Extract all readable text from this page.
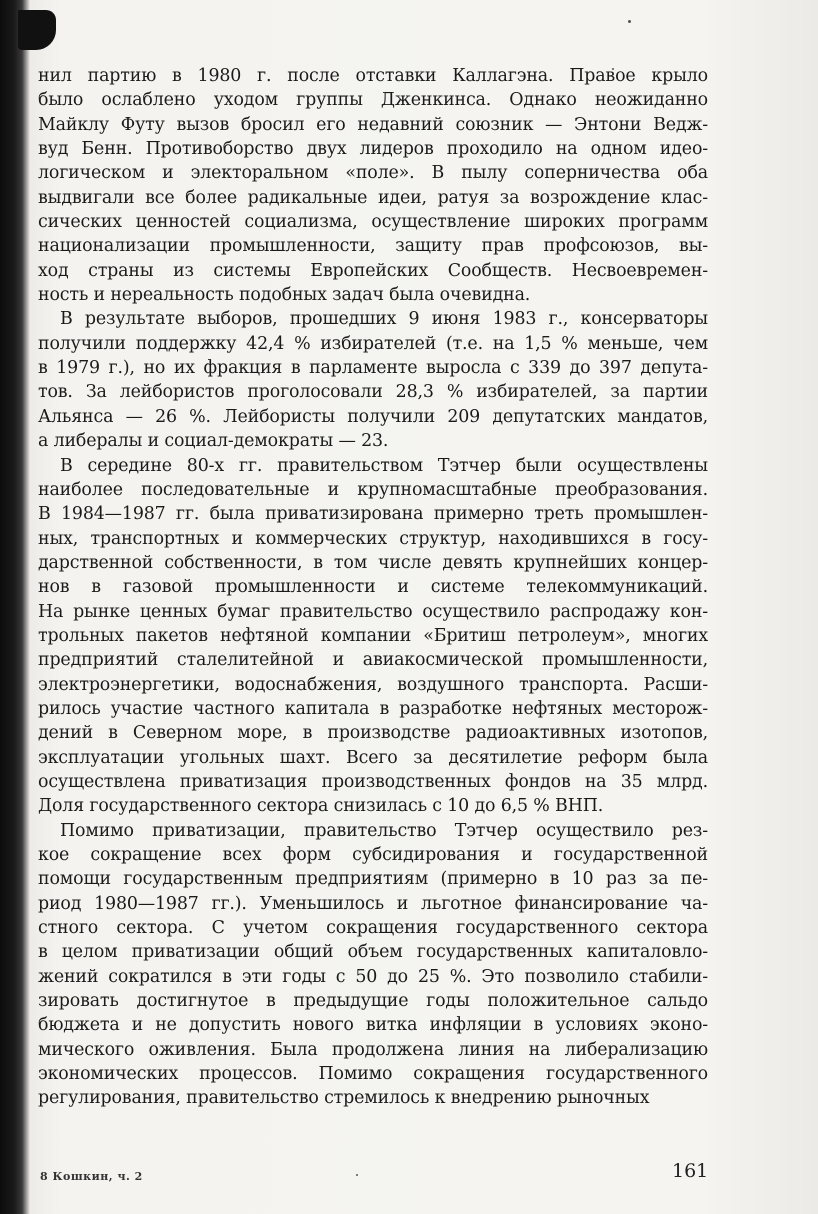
нил партию в 1980 г. после отставки Каллагэна. Правое крыло
было ослаблено уходом группы Дженкинса. Однако неожиданно
Майклу Футу вызов бросил его недавний союзник — Энтони Ведж-
вуд Бенн. Противоборство двух лидеров проходило на одном идео-
логическом и электоральном «поле». В пылу соперничества оба
выдвигали все более радикальные идеи, ратуя за возрождение клас-
сических ценностей социализма, осуществление широких программ
национализации промышленности, защиту прав профсоюзов, вы-
ход страны из системы Европейских Сообществ. Несвоевремен-
ность и нереальность подобных задач была очевидна.
В результате выборов, прошедших 9 июня 1983 г., консерваторы
получили поддержку 42,4 % избирателей (т.е. на 1,5 % меньше, чем
в 1979 г.), но их фракция в парламенте выросла с 339 до 397 депута-
тов. За лейбористов проголосовали 28,3 % избирателей, за партии
Альянса — 26 %. Лейбористы получили 209 депутатских мандатов,
а либералы и социал-демократы — 23.
В середине 80-х гг. правительством Тэтчер были осуществлены
наиболее последовательные и крупномасштабные преобразования.
В 1984—1987 гг. была приватизирована примерно треть промышлен-
ных, транспортных и коммерческих структур, находившихся в госу-
дарственной собственности, в том числе девять крупнейших концер-
нов в газовой промышленности и системе телекоммуникаций.
На рынке ценных бумаг правительство осуществило распродажу кон-
трольных пакетов нефтяной компании «Бритиш петролеум», многих
предприятий сталелитейной и авиакосмической промышленности,
электроэнергетики, водоснабжения, воздушного транспорта. Расши-
рилось участие частного капитала в разработке нефтяных месторож-
дений в Северном море, в производстве радиоактивных изотопов,
эксплуатации угольных шахт. Всего за десятилетие реформ была
осуществлена приватизация производственных фондов на 35 млрд.
Доля государственного сектора снизилась с 10 до 6,5 % ВНП.
Помимо приватизации, правительство Тэтчер осуществило рез-
кое сокращение всех форм субсидирования и государственной
помощи государственным предприятиям (примерно в 10 раз за пе-
риод 1980—1987 гг.). Уменьшилось и льготное финансирование ча-
стного сектора. С учетом сокращения государственного сектора
в целом приватизации общий объем государственных капиталовло-
жений сократился в эти годы с 50 до 25 %. Это позволило стабили-
зировать достигнутое в предыдущие годы положительное сальдо
бюджета и не допустить нового витка инфляции в условиях эконо-
мического оживления. Была продолжена линия на либерализацию
экономических процессов. Помимо сокращения государственного
регулирования, правительство стремилось к внедрению рыночных
8 Кошкин, ч. 2	161
